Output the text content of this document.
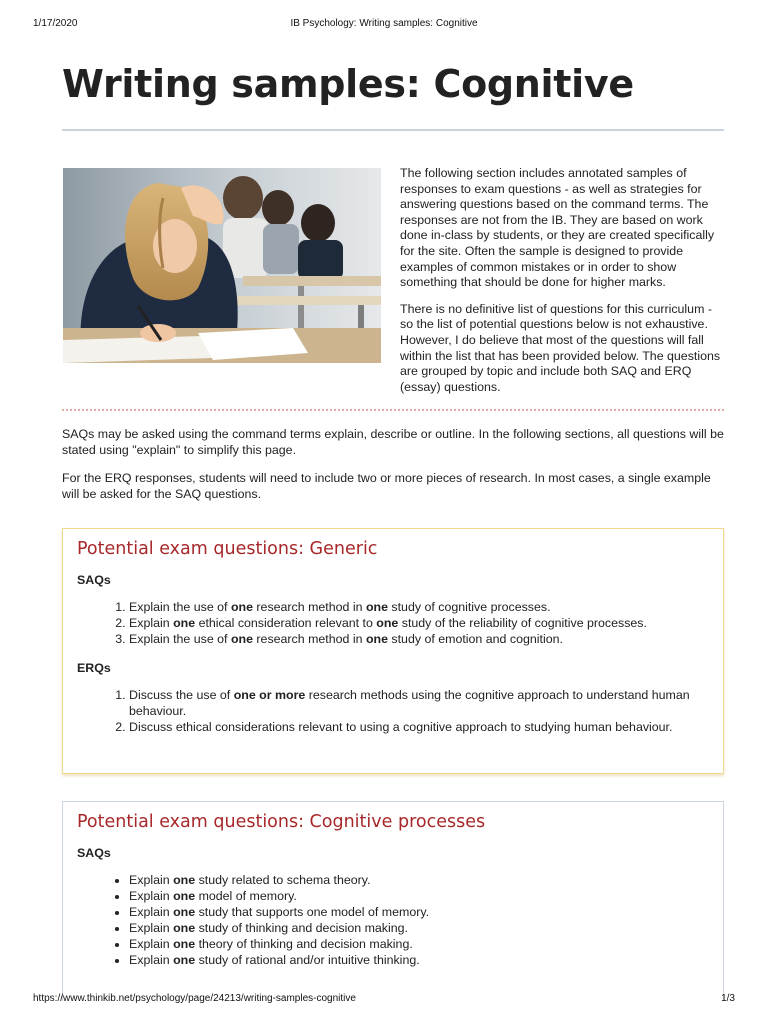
1/17/2020	IB Psychology: Writing samples: Cognitive
Writing samples: Cognitive

The following section includes annotated samples of responses to exam questions - as well as strategies for answering questions based on the command terms. The responses are not from the IB. They are based on work done in-class by students, or they are created specifically for the site. Often the sample is designed to provide examples of common mistakes or in order to show something that should be done for higher marks.

There is no definitive list of questions for this curriculum - so the list of potential questions below is not exhaustive. However, I do believe that most of the questions will fall within the list that has been provided below. The questions are grouped by topic and include both SAQ and ERQ (essay) questions.

SAQs may be asked using the command terms explain, describe or outline. In the following sections, all questions will be stated using "explain" to simplify this page.

For the ERQ responses, students will need to include two or more pieces of research. In most cases, a single example will be asked for the SAQ questions.

Potential exam questions: Generic
SAQs
1. Explain the use of one research method in one study of cognitive processes.
2. Explain one ethical consideration relevant to one study of the reliability of cognitive processes.
3. Explain the use of one research method in one study of emotion and cognition.
ERQs
1. Discuss the use of one or more research methods using the cognitive approach to understand human behaviour.
2. Discuss ethical considerations relevant to using a cognitive approach to studying human behaviour.
Potential exam questions: Cognitive processes
SAQs
• Explain one study related to schema theory.
• Explain one model of memory.
• Explain one study that supports one model of memory.
• Explain one study of thinking and decision making.
• Explain one theory of thinking and decision making.
• Explain one study of rational and/or intuitive thinking.
https://www.thinkib.net/psychology/page/24213/writing-samples-cognitive	1/3
